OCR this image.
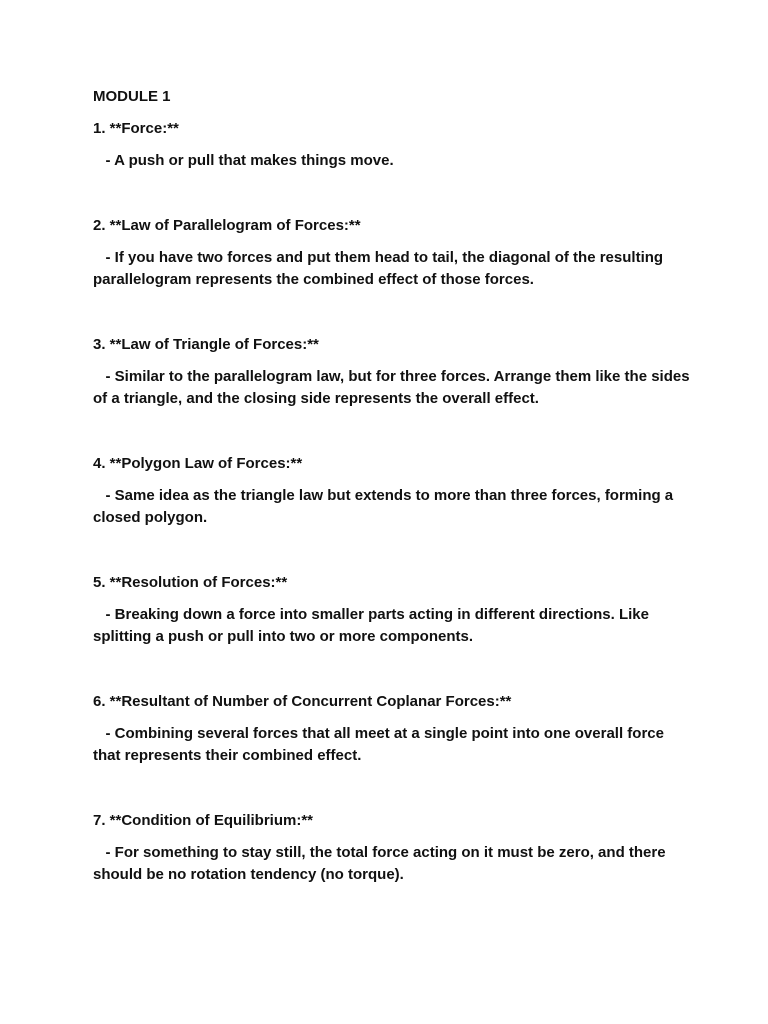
MODULE 1

1. **Force:**

- A push or pull that makes things move.

2. **Law of Parallelogram of Forces:**

- If you have two forces and put them head to tail, the diagonal of the resulting parallelogram represents the combined effect of those forces.

3. **Law of Triangle of Forces:**

- Similar to the parallelogram law, but for three forces. Arrange them like the sides of a triangle, and the closing side represents the overall effect.

4. **Polygon Law of Forces:**

- Same idea as the triangle law but extends to more than three forces, forming a closed polygon.

5. **Resolution of Forces:**

- Breaking down a force into smaller parts acting in different directions. Like splitting a push or pull into two or more components.

6. **Resultant of Number of Concurrent Coplanar Forces:**

- Combining several forces that all meet at a single point into one overall force that represents their combined effect.

7. **Condition of Equilibrium:**

- For something to stay still, the total force acting on it must be zero, and there should be no rotation tendency (no torque).
